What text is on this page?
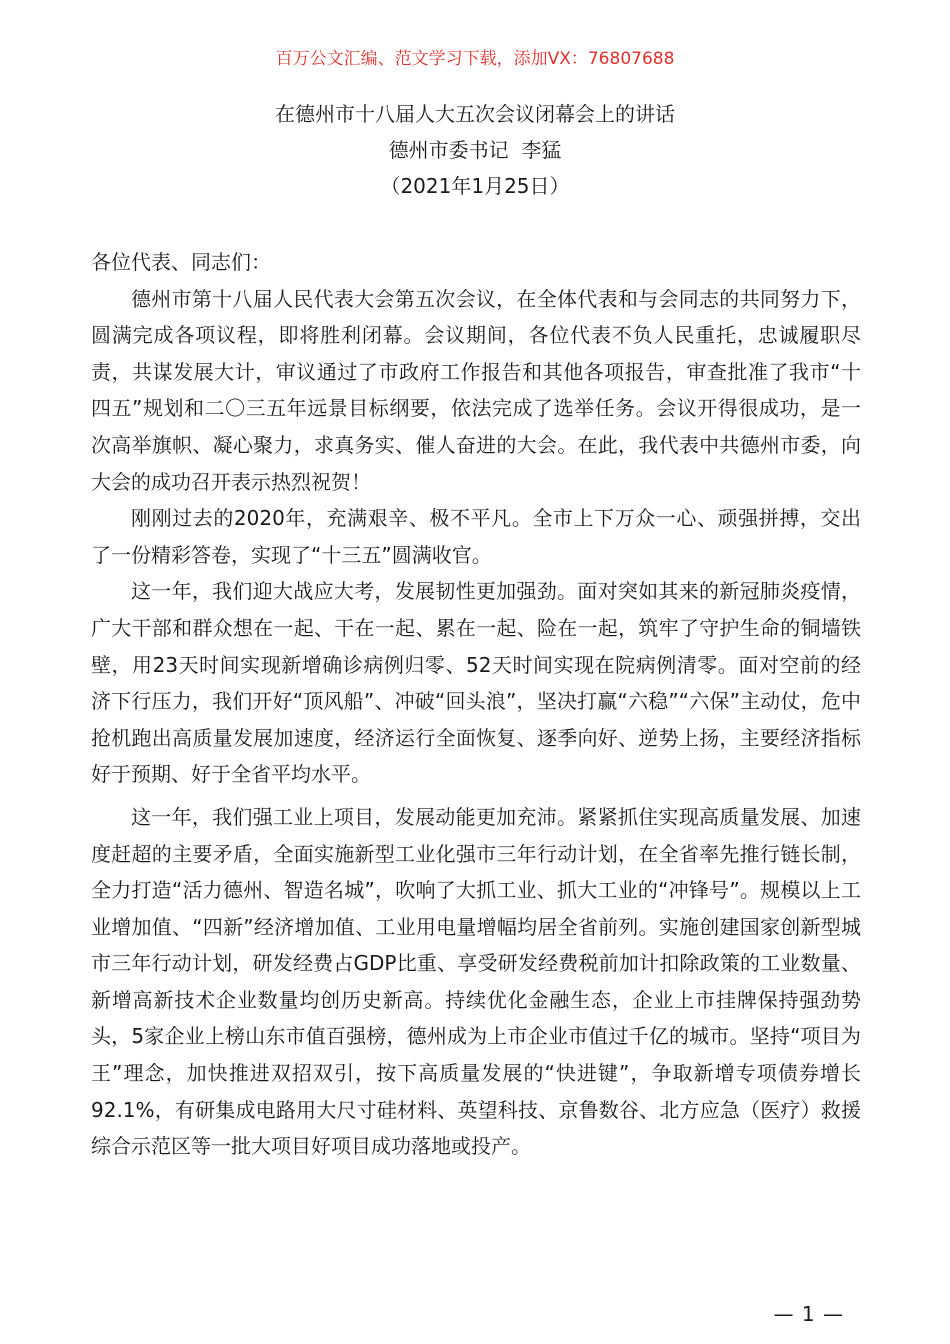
百万公文汇编、范文学习下载，添加VX：76807688
在德州市十八届人大五次会议闭幕会上的讲话
德州市委书记  李猛
（2021年1月25日）

各位代表、同志们：

德州市第十八届人民代表大会第五次会议，在全体代表和与会同志的共同努力下，圆满完成各项议程，即将胜利闭幕。会议期间，各位代表不负人民重托，忠诚履职尽责，共谋发展大计，审议通过了市政府工作报告和其他各项报告，审查批准了我市“十四五”规划和二〇三五年远景目标纲要，依法完成了选举任务。会议开得很成功，是一次高举旗帜、凝心聚力，求真务实、催人奋进的大会。在此，我代表中共德州市委，向大会的成功召开表示热烈祝贺！

刚刚过去的2020年，充满艰辛、极不平凡。全市上下万众一心、顽强拼搏，交出了一份精彩答卷，实现了“十三五”圆满收官。

这一年，我们迎大战应大考，发展韧性更加强劲。面对突如其来的新冠肺炎疫情，广大干部和群众想在一起、干在一起、累在一起、险在一起，筑牢了守护生命的铜墙铁壁，用23天时间实现新增确诊病例归零、52天时间实现在院病例清零。面对空前的经济下行压力，我们开好“顶风船”、冲破“回头浪”，坚决打赢“六稳”“六保”主动仗，危中抢机跑出高质量发展加速度，经济运行全面恢复、逐季向好、逆势上扬，主要经济指标好于预期、好于全省平均水平。

这一年，我们强工业上项目，发展动能更加充沛。紧紧抓住实现高质量发展、加速度赶超的主要矛盾，全面实施新型工业化强市三年行动计划，在全省率先推行链长制，全力打造“活力德州、智造名城”，吹响了大抓工业、抓大工业的“冲锋号”。规模以上工业增加值、“四新”经济增加值、工业用电量增幅均居全省前列。实施创建国家创新型城市三年行动计划，研发经费占GDP比重、享受研发经费税前加计扣除政策的工业数量、新增高新技术企业数量均创历史新高。持续优化金融生态，企业上市挂牌保持强劲势头，5家企业上榜山东市值百强榜，德州成为上市企业市值过千亿的城市。坚持“项目为王”理念，加快推进双招双引，按下高质量发展的“快进键”，争取新增专项债券增长92.1%，有研集成电路用大尺寸硅材料、英望科技、京鲁数谷、北方应急（医疗）救援综合示范区等一批大项目好项目成功落地或投产。

— 1 —
